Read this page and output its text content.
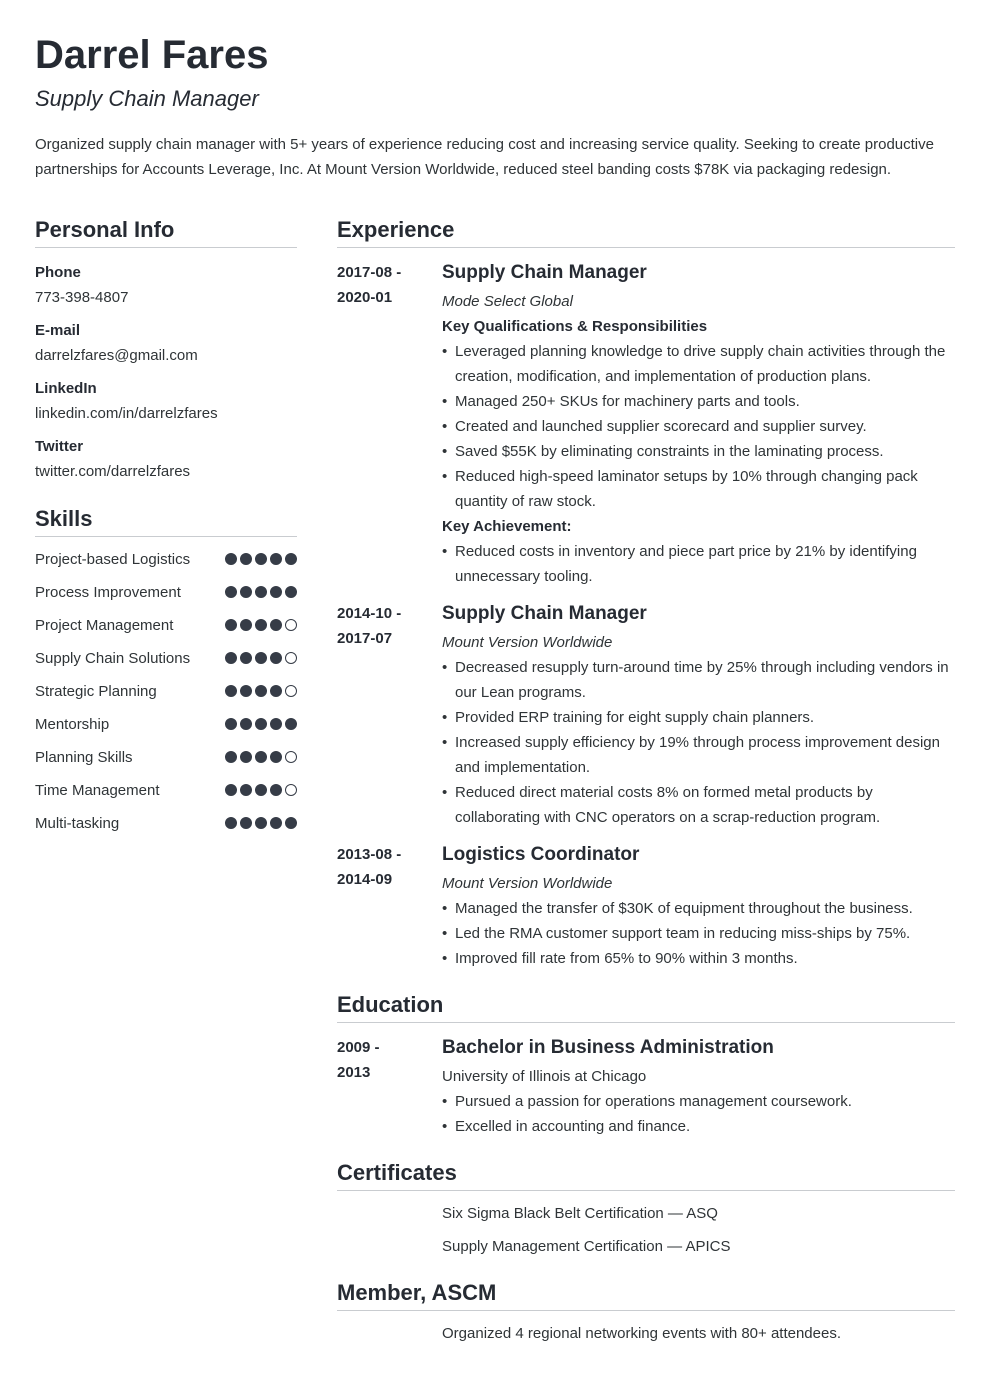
Darrel Fares
Supply Chain Manager
Organized supply chain manager with 5+ years of experience reducing cost and increasing service quality. Seeking to create productive partnerships for Accounts Leverage, Inc. At Mount Version Worldwide, reduced steel banding costs $78K via packaging redesign.
Personal Info
Phone
773-398-4807
E-mail
darrelzfares@gmail.com
LinkedIn
linkedin.com/in/darrelzfares
Twitter
twitter.com/darrelzfares
Skills
Project-based Logistics
Process Improvement
Project Management
Supply Chain Solutions
Strategic Planning
Mentorship
Planning Skills
Time Management
Multi-tasking
Experience
2017-08 -
2020-01
Supply Chain Manager
Mode Select Global
Key Qualifications & Responsibilities
• Leveraged planning knowledge to drive supply chain activities through the creation, modification, and implementation of production plans.
• Managed 250+ SKUs for machinery parts and tools.
• Created and launched supplier scorecard and supplier survey.
• Saved $55K by eliminating constraints in the laminating process.
• Reduced high-speed laminator setups by 10% through changing pack quantity of raw stock.
Key Achievement:
• Reduced costs in inventory and piece part price by 21% by identifying unnecessary tooling.
2014-10 -
2017-07
Supply Chain Manager
Mount Version Worldwide
• Decreased resupply turn-around time by 25% through including vendors in our Lean programs.
• Provided ERP training for eight supply chain planners.
• Increased supply efficiency by 19% through process improvement design and implementation.
• Reduced direct material costs 8% on formed metal products by collaborating with CNC operators on a scrap-reduction program.
2013-08 -
2014-09
Logistics Coordinator
Mount Version Worldwide
• Managed the transfer of $30K of equipment throughout the business.
• Led the RMA customer support team in reducing miss-ships by 75%.
• Improved fill rate from 65% to 90% within 3 months.
Education
2009 -
2013
Bachelor in Business Administration
University of Illinois at Chicago
• Pursued a passion for operations management coursework.
• Excelled in accounting and finance.
Certificates
Six Sigma Black Belt Certification — ASQ
Supply Management Certification — APICS
Member, ASCM
Organized 4 regional networking events with 80+ attendees.
